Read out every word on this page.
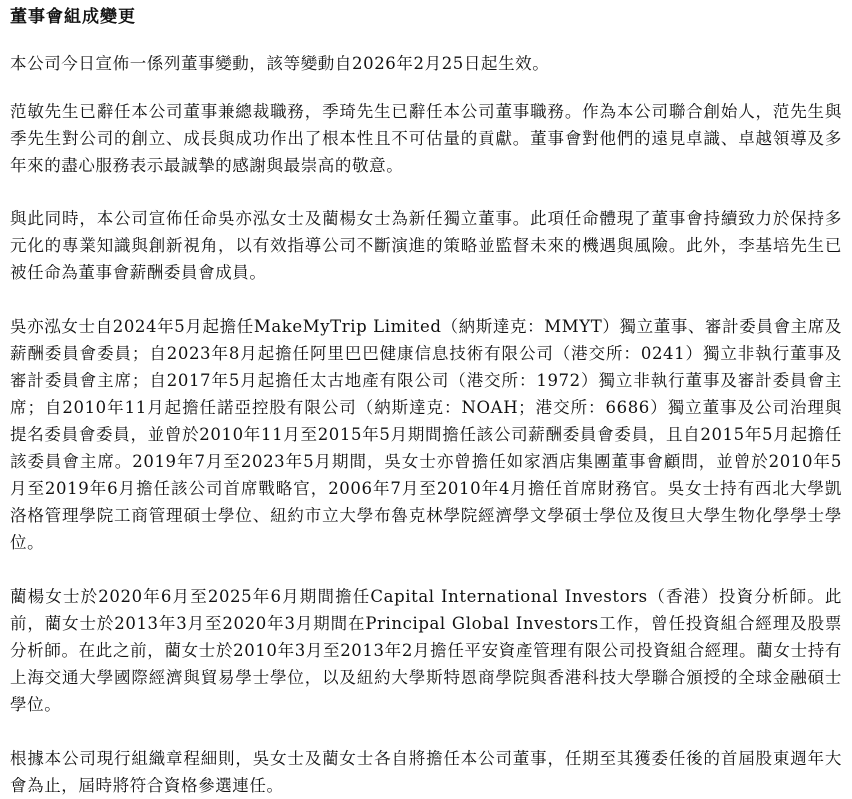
董事會組成變更

本公司今日宣佈一係列董事變動，該等變動自2026年2月25日起生效。

范敏先生已辭任本公司董事兼總裁職務，季琦先生已辭任本公司董事職務。作為本公司聯合創始人，范先生與季先生對公司的創立、成長與成功作出了根本性且不可估量的貢獻。董事會對他們的遠見卓識、卓越領導及多年來的盡心服務表示最誠摯的感謝與最崇高的敬意。

與此同時，本公司宣佈任命吳亦泓女士及藺楊女士為新任獨立董事。此項任命體現了董事會持續致力於保持多元化的專業知識與創新視角，以有效指導公司不斷演進的策略並監督未來的機遇與風險。此外，李基培先生已被任命為董事會薪酬委員會成員。

吳亦泓女士自2024年5月起擔任MakeMyTrip Limited（納斯達克：MMYT）獨立董事、審計委員會主席及薪酬委員會委員；自2023年8月起擔任阿里巴巴健康信息技術有限公司（港交所：0241）獨立非執行董事及審計委員會主席；自2017年5月起擔任太古地產有限公司（港交所：1972）獨立非執行董事及審計委員會主席；自2010年11月起擔任諾亞控股有限公司（納斯達克：NOAH；港交所：6686）獨立董事及公司治理與提名委員會委員，並曾於2010年11月至2015年5月期間擔任該公司薪酬委員會委員，且自2015年5月起擔任該委員會主席。2019年7月至2023年5月期間，吳女士亦曾擔任如家酒店集團董事會顧問，並曾於2010年5月至2019年6月擔任該公司首席戰略官，2006年7月至2010年4月擔任首席財務官。吳女士持有西北大學凱洛格管理學院工商管理碩士學位、紐約市立大學布魯克林學院經濟學文學碩士學位及復旦大學生物化學學士學位。

藺楊女士於2020年6月至2025年6月期間擔任Capital International Investors（香港）投資分析師。此前，藺女士於2013年3月至2020年3月期間在Principal Global Investors工作，曾任投資組合經理及股票分析師。在此之前，藺女士於2010年3月至2013年2月擔任平安資產管理有限公司投資組合經理。藺女士持有上海交通大學國際經濟與貿易學士學位，以及紐約大學斯特恩商學院與香港科技大學聯合頒授的全球金融碩士學位。

根據本公司現行組織章程細則，吳女士及藺女士各自將擔任本公司董事，任期至其獲委任後的首屆股東週年大會為止，屆時將符合資格參選連任。
